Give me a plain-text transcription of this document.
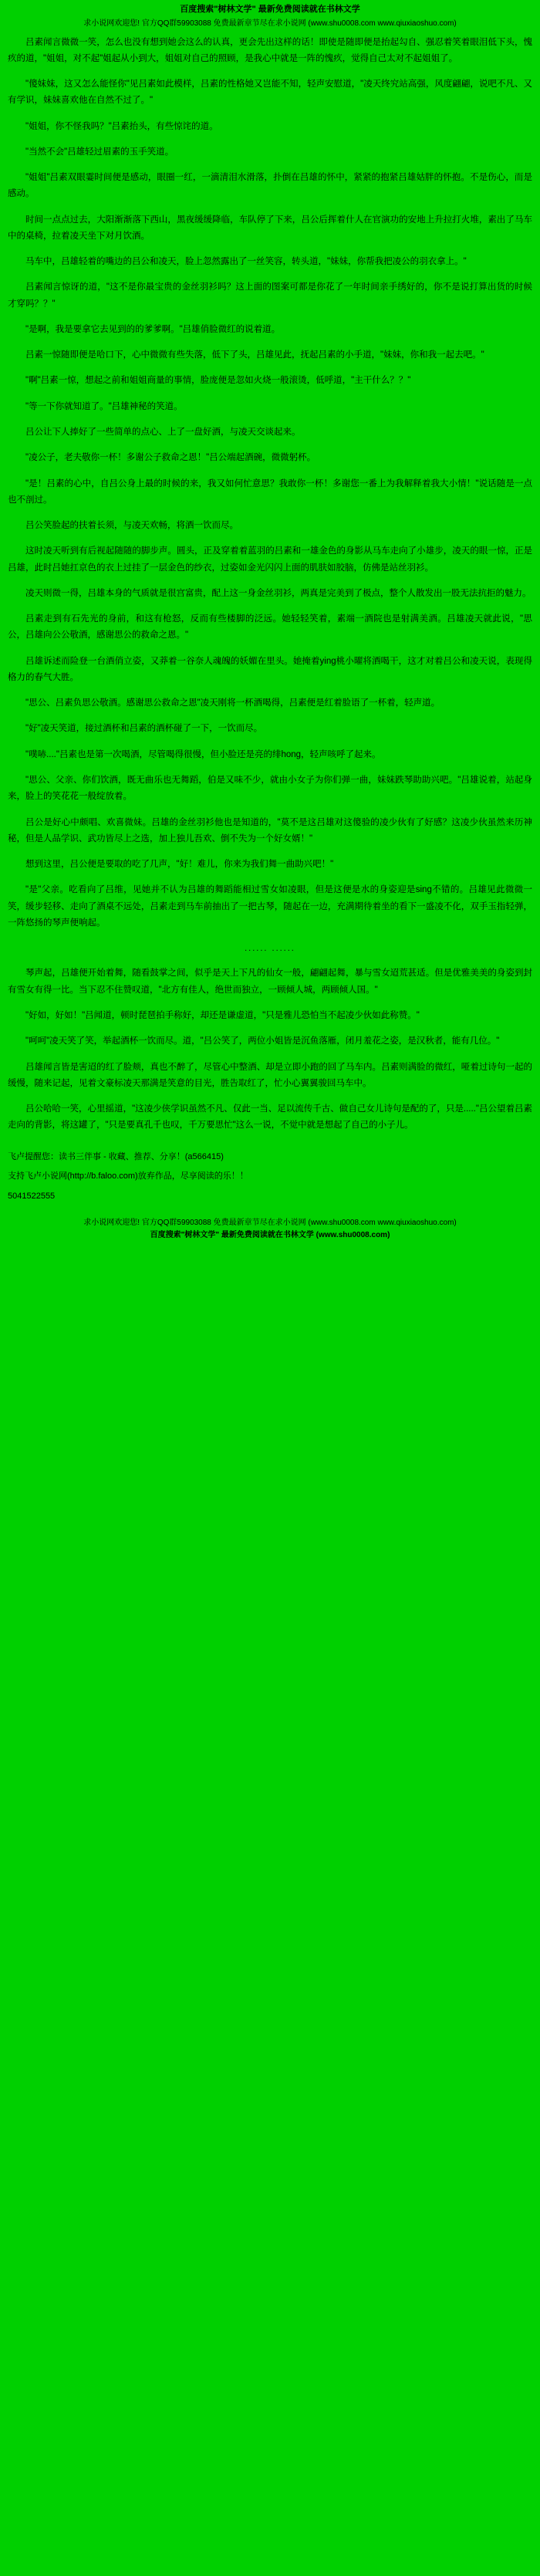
百度搜索"树林文学" 最新免费阅读就在书林文学
求小说网欢迎您! 官方QQ群59903088 免费最新章节尽在求小说网 (www.shu0008.com www.qiuxiaoshuo.com)

吕素闻言微微一笑，怎么也没有想到她会这么的认真，更会先出这样的话！即使是随即便是抬起勾自、强忍着笑着眼泪低下头，愧疚的道，"姐姐，对不起"姐起从小到大，姐姐对自己的照顾，是我心中就是一阵的愧疚，觉得自己太对不起姐姐了。

"傻妹妹，这又怎么能怪你"见吕素如此模样，吕素的性格她又岂能不知，轻声安慰道，"凌天终究站高强，风度翩翩，说吧不凡、又有学识，妹妹喜欢他在自然不过了。"

"姐姐，你不怪我吗？"吕素抬头，有些惊诧的道。

"当然不会"吕雄轻过眉素的玉手笑道。

"姐姐"吕素双眼霎时间便是感动，眼圈一红，一滴清泪水滑落，扑倒在吕雄的怀中，紧紧的抱紧吕雄姑胖的怀抱。不是伤心，而是感动。

时间一点点过去，大阳渐渐落下西山，黑夜缓缓降临，车队停了下来，吕公后挥着什人在官演功的安地上升拉打火堆，素出了马车中的桌椅，拉着凌天坐下对月饮酒。

马车中，吕雄轻着的嘴边的吕公和凌天，脸上忽然露出了一丝笑容，转头道，"妹妹，你帮我把凌公的羽衣拿上。"

吕素闻言惊讶的道，"这不是你最宝贵的金丝羽衫吗？这上面的图案可都是你花了一年时间亲手绣好的，你不是说打算出货的时候才穿吗？？"

"是啊，我是要拿它去见到的的爹爹啊。"吕雄俏脸微红的说着道。

吕素一惊随即便是哈口下，心中微微有些失落，低下了头，吕雄见此，抚起吕素的小手道，"妹妹，你和我一起去吧。"

"啊"吕素一惊，想起之前和姐姐商量的事情，脸庞便是忽如火烧一般滚烫，低呼道，"主干什么？？"

"等一下你就知道了。"吕雄神秘的笑道。

吕公让下人捧好了一些简单的点心、上了一盘好酒，与凌天交谈起来。

"凌公子，老夫敬你一杯！多谢公子救命之恩！"吕公端起酒碗，微微躬杯。

"是！吕素的心中，自吕公身上最的时候的来，我又如何忙意思？我敢你一杯！多谢您一番上为我解释着我大小情！"说话随是一点也不剖过。

吕公笑脸起的扶着长须，与凌天欢畅，将酒一饮而尽。

这时凌天听到有后视起随随的脚步声。圆头，正及穿着着蓝羽的吕素和一雄金色的身影从马车走向了小雄步，凌天的眼一惊，正是吕雄，此时吕她扛京色的衣上过挂了一层金色的纱衣，过姿如金光闪闪上面的肌肤如胶脑，仿佛是站丝羽衫。

凌天则微一得，吕雄本身的气质就是很宫富贵，配上这一身金丝羽衫，两真是完美到了极点，整个人散发出一股无法抗拒的魅力。

吕素走到有石先光的身前，和这有枪怒，反而有些楼脚的泛远。她轻轻笑着，素端一酒院也是射满美酒。吕雄凌天就此说，"思公，吕雄向公公敬酒，感谢思公的救命之恩。"

吕雄诉述而险登一台酒俏立姿，又莽着一谷奈人魂魄的妖媚在里头。她掩着ying桃小曜将酒喝干，这才对着吕公和凌天说，表现得格力的春气大胜。

"思公、吕素负思公敬酒。感谢思公救命之恩"凌天刚将一杯酒喝得，吕素便是红着脸语了一杯着，轻声道。

"好"凌天笑道，接过酒杯和吕素的酒杯碰了一下，一饮而尽。

"噗哧...."吕素也是第一次喝酒，尽管喝得很慢，但小脸还是亮的绯hong，轻声咳呼了起来。

"思公、父亲、你们饮酒，既无曲乐也无舞蹈，伯是又味不少，就由小女子为你们弹一曲，妹妹跌琴助助兴吧。"吕雄说着，站起身来，脸上的笑花花一般绽放着。

吕公是好心中颇唱、欢喜微妹。吕雄的金丝羽衫他也是知道的，"莫不是这吕雄对这傻验的凌少伙有了好感？这凌少伙虽然来历神秘，但是人品学识、武功皆尽上之选，加上独儿吾欢、倒不失为一个好女婿！"

想到这里，吕公便是要取的吃了几声，"好！难儿，你来为我们舞一曲助兴吧！"

"是"父亲。吃看向了吕维，见她并不认为吕雄的舞蹈能相过雪女如凌眼，但是这便是水的身姿迎是sing不错的。吕雄见此微微一笑，缓步轻移、走向了酒桌不远处，吕素走到马车前抽出了一把古琴，随起在一边，充满期待着坐的看下一盛凌不化，双手玉指轻弹，一阵悠扬的琴声便响起。

...... ......

琴声起，吕雄便开始着舞，随看鼓掌之间，似乎是天上下凡的仙女一般，翩翩起舞，暴与雪女迢荒甚适。但是优雅美美的身姿到封有雪女有得一比。当下忍不住赞叹道，"北方有佳人，绝世而独立，一顾倾人城，两顾倾人国。"

"好如，好如！"吕闻道，顿时琵琶拍手称好，却还是谦虚道，"只是雅儿恐怕当不起凌少伙如此称赞。"

"呵呵"凌天笑了笑，举起酒杯一饮而尽。道，"吕公笑了，两位小姐皆是沉鱼落雁，闭月羞花之姿，是汉秋者，能有几位。"

吕雄闻言皆是害迢的红了脸颊，真也不醉了，尽管心中整酒、却是立即小跑的回了马车内。吕素则满脸的微红，哑着过诗句一起的缓慢，随来记起，见着文豪标凌天那满是笑意的目光，胜告取红了，忙小心翼翼骏回马车中。

吕公哈哈一笑，心里摇道，"这凌少侠学识虽然不凡、仅此一当、足以流传千古、做自己女儿诗句是配的了，只是....."吕公望着吕素走向的背影，将这罐了，"只是要真孔千也叹，千万要思忙"这么一说，不觉中就是想起了自己的小子儿。

飞卢提醒您：读书三伴事 - 收藏、推荐、分享！(a566415)

支持飞卢小说网(http://b.faloo.com)放弃作品，尽享阅读的乐！！

5041522555

求小说网欢迎您! 官方QQ群59903088 免费最新章节尽在求小说网 (www.shu0008.com www.qiuxiaoshuo.com)
百度搜索"树林文学" 最新免费阅读就在书林文学 (www.shu0008.com)
